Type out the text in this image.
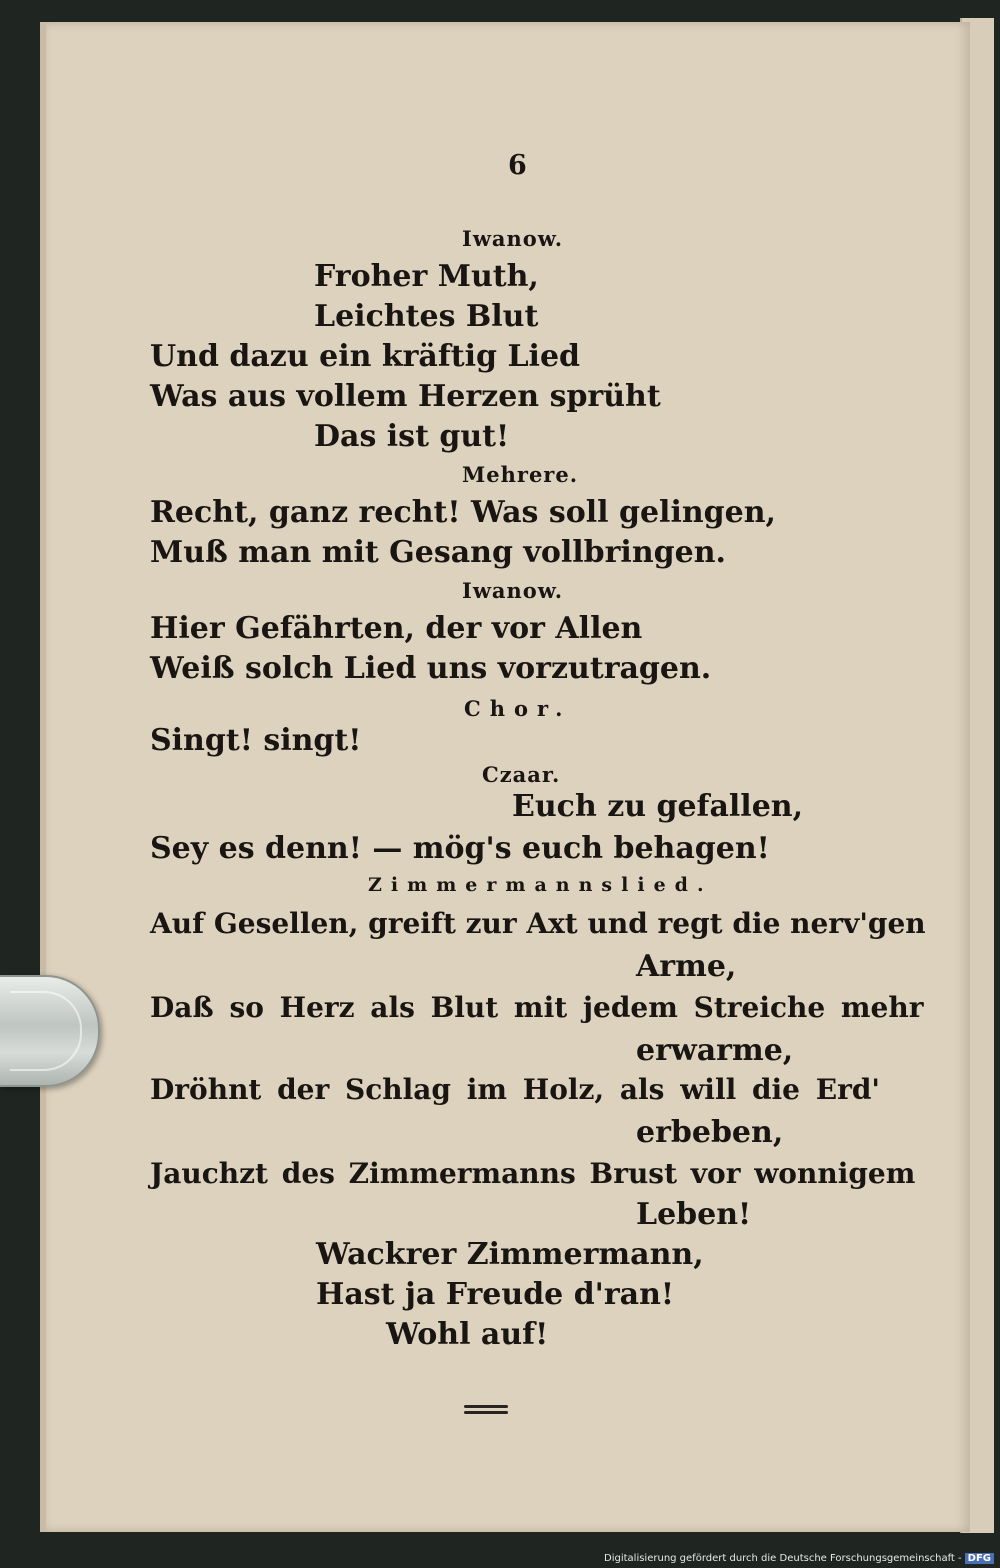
6
Iwanow.
Froher Muth,
Leichtes Blut
Und dazu ein kräftig Lied
Was aus vollem Herzen sprüht
Das ist gut!
Mehrere.
Recht, ganz recht! Was soll gelingen,
Muß man mit Gesang vollbringen.
Iwanow.
Hier Gefährten, der vor Allen
Weiß solch Lied uns vorzutragen.
Chor.
Singt! singt!
Czaar.
Euch zu gefallen,
Sey es denn! — mög's euch behagen!
Zimmermannslied.
Auf Gesellen, greift zur Axt und regt die nerv'gen
Arme,
Daß so Herz als Blut mit jedem Streiche mehr
erwarme,
Dröhnt der Schlag im Holz, als will die Erd'
erbeben,
Jauchzt des Zimmermanns Brust vor wonnigem
Leben!
Wackrer Zimmermann,
Hast ja Freude d'ran!
Wohl auf!
Digitalisierung gefördert durch die Deutsche Forschungsgemeinschaft - DFG
